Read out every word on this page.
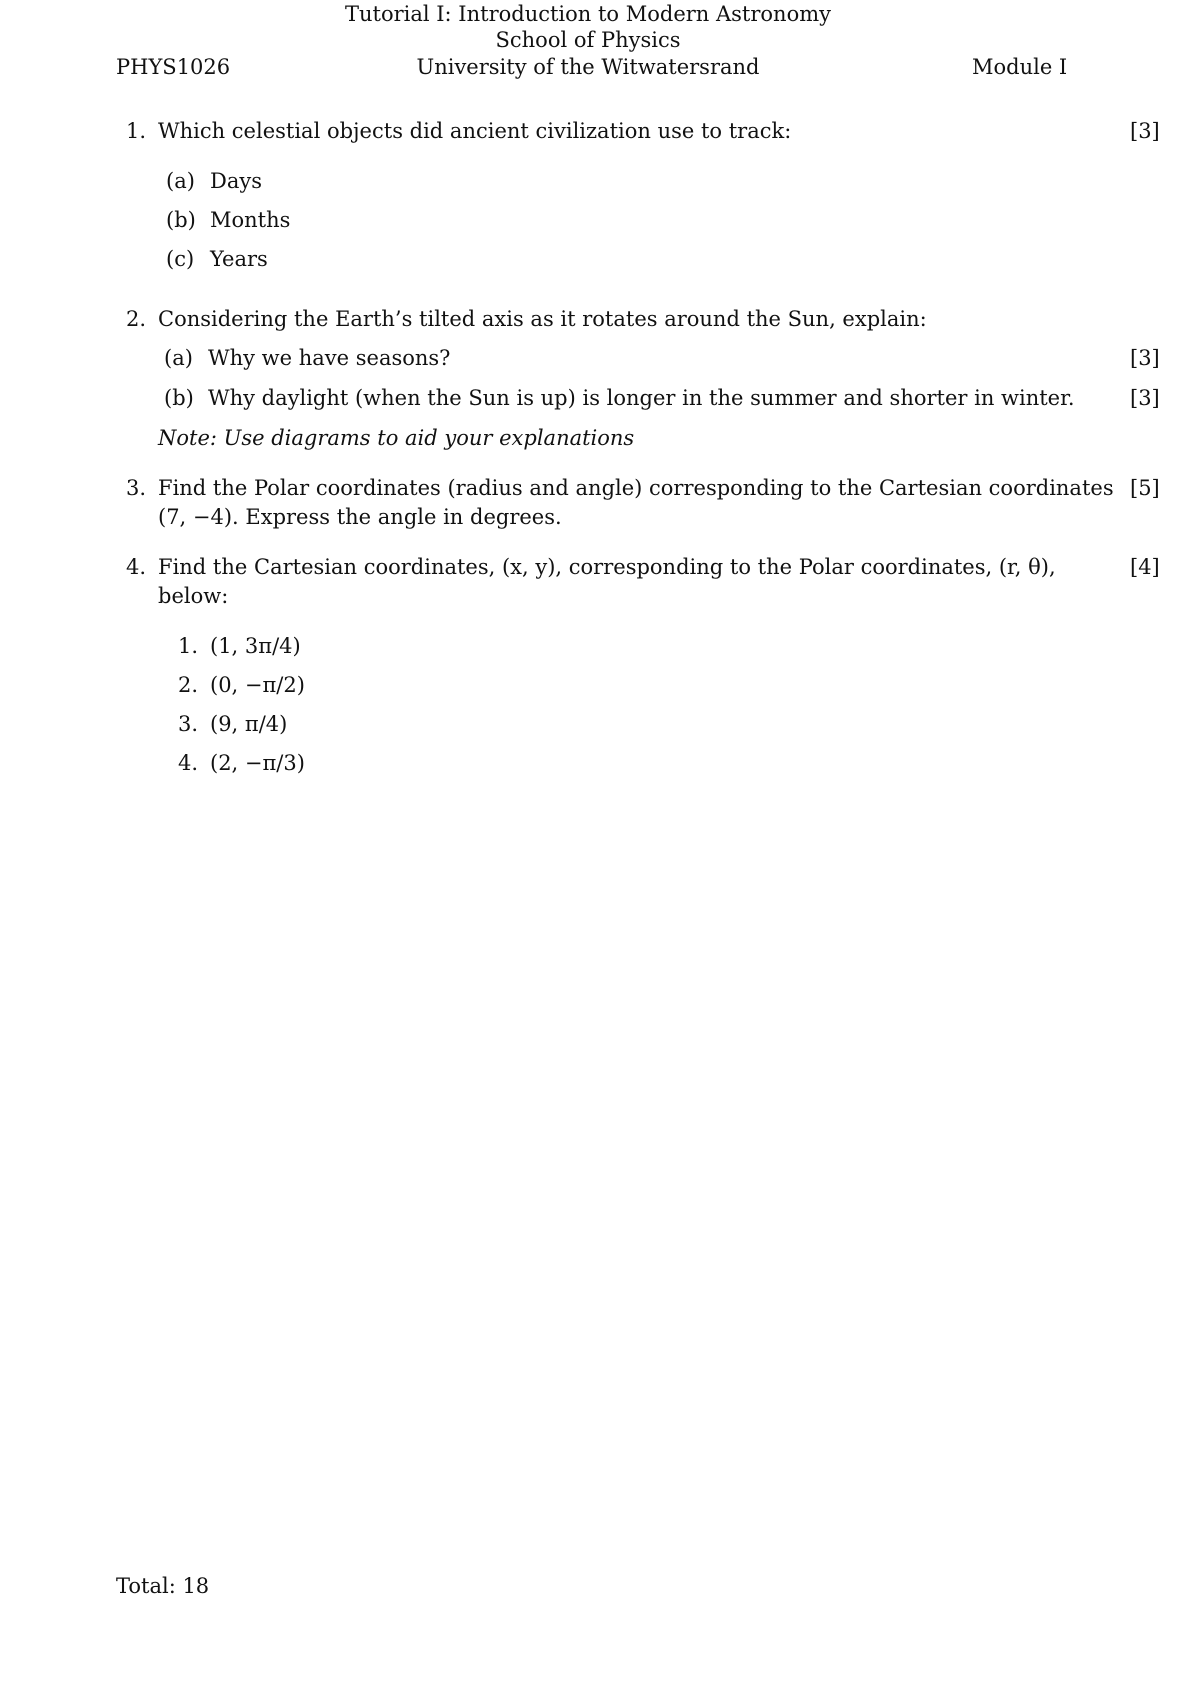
Tutorial I: Introduction to Modern Astronomy
School of Physics
PHYS1026	University of the Witwatersrand	Module I
1. Which celestial objects did ancient civilization use to track:	[3]
(a) Days
(b) Months
(c) Years
2. Considering the Earth’s tilted axis as it rotates around the Sun, explain:
(a) Why we have seasons?	[3]
(b) Why daylight (when the Sun is up) is longer in the summer and shorter in winter.	[3]
Note: Use diagrams to aid your explanations
3. Find the Polar coordinates (radius and angle) corresponding to the Cartesian coordinates
(7, −4). Express the angle in degrees.
[5]
4. Find the Cartesian coordinates, (x, y), corresponding to the Polar coordinates, (r, θ),
below:
[4]
1. (1, 3π/4)
2. (0, −π/2)
3. (9, π/4)
4. (2, −π/3)
Total: 18
